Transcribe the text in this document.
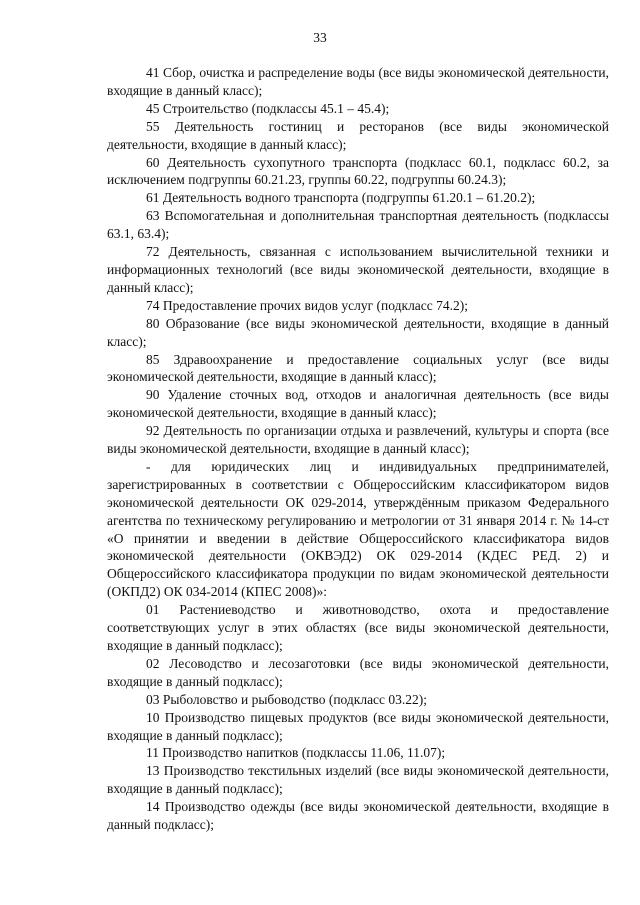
33

41 Сбор, очистка и распределение воды (все виды экономической деятельности, входящие в данный класс);

45 Строительство (подклассы 45.1 – 45.4);

55 Деятельность гостиниц и ресторанов (все виды экономической деятельности, входящие в данный класс);

60 Деятельность сухопутного транспорта (подкласс 60.1, подкласс 60.2, за исключением подгруппы 60.21.23, группы 60.22, подгруппы 60.24.3);

61 Деятельность водного транспорта (подгруппы 61.20.1 – 61.20.2);

63 Вспомогательная и дополнительная транспортная деятельность (подклассы 63.1, 63.4);

72 Деятельность, связанная с использованием вычислительной техники и информационных технологий (все виды экономической деятельности, входящие в данный класс);

74 Предоставление прочих видов услуг (подкласс 74.2);

80 Образование (все виды экономической деятельности, входящие в данный класс);

85 Здравоохранение и предоставление социальных услуг (все виды экономической деятельности, входящие в данный класс);

90 Удаление сточных вод, отходов и аналогичная деятельность (все виды экономической деятельности, входящие в данный класс);

92 Деятельность по организации отдыха и развлечений, культуры и спорта (все виды экономической деятельности, входящие в данный класс);

- для юридических лиц и индивидуальных предпринимателей, зарегистрированных в соответствии с Общероссийским классификатором видов экономической деятельности ОК 029-2014, утверждённым приказом Федерального агентства по техническому регулированию и метрологии от 31 января 2014 г. № 14-ст «О принятии и введении в действие Общероссийского классификатора видов экономической деятельности (ОКВЭД2) ОК 029-2014 (КДЕС РЕД. 2) и Общероссийского классификатора продукции по видам экономической деятельности (ОКПД2) ОК 034-2014 (КПЕС 2008)»:

01 Растениеводство и животноводство, охота и предоставление соответствующих услуг в этих областях (все виды экономической деятельности, входящие в данный подкласс);

02 Лесоводство и лесозаготовки (все виды экономической деятельности, входящие в данный подкласс);

03 Рыболовство и рыбоводство (подкласс 03.22);

10 Производство пищевых продуктов (все виды экономической деятельности, входящие в данный подкласс);

11 Производство напитков (подклассы 11.06, 11.07);

13 Производство текстильных изделий (все виды экономической деятельности, входящие в данный подкласс);

14 Производство одежды (все виды экономической деятельности, входящие в данный подкласс);
